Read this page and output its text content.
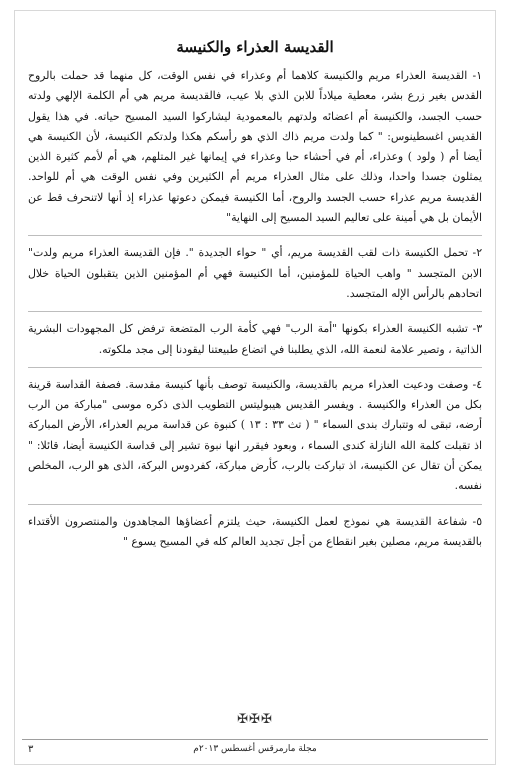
القديسة العذراء والكنيسة

١- القديسة العذراء مريم والكنيسة كلاهما أم وعذراء في نفس الوقت، كل منهما قد حملت بالروح القدس بغير زرع بشر، معطية ميلاداً للابن الذي بلا عيب، فالقديسة مريم هي أم الكلمة الإلهي ولدته حسب الجسد، والكنيسة أم اعضائه ولدتهم بالمعمودية ليشاركوا السيد المسيح حياته. في هذا يقول القديس اغسطينوس: " كما ولدت مريم ذاك الذي هو رأسكم هكذا ولدتكم الكنيسة، لأن الكنيسة هي أيضا أم ( ولود ) وعذراء، أم في أحشاء حبا وعذراء في إيمانها غير المتلهم، هي أم لأمم كثيرة الذين يمثلون جسدا واحدا، وذلك على مثال العذراء مريم أم الكثيرين وفي نفس الوقت هي أم للواحد. القديسة مريم عذراء حسب الجسد والروح، أما الكنيسة فيمكن دعوتها عذراء إذ أنها لاتنحرف قط عن الأيمان بل هي أمينة على تعاليم السيد المسيح إلى النهاية"

٢- تحمل الكنيسة ذات لقب القديسة مريم، أي " حواء الجديدة ". فإن القديسة العذراء مريم ولدت" الابن المتجسد " واهب الحياة للمؤمنين، أما الكنيسة فهي أم المؤمنين الذين يتقبلون الحياة خلال اتحادهم بالرأس الإله المتجسد.

٣- تشبه الكنيسة العذراء بكونها "أمة الرب" فهي كأمة الرب المتضعة ترفض كل المجهودات البشرية الذاتية ، وتصير علامة لنعمة الله، الذي يطلبنا في اتضاع طبيعتنا ليقودنا إلى مجد ملكوته.

٤- وصفت ودعيت العذراء مريم بالقديسة، والكنيسة توصف بأنها كنيسة مقدسة. فصفة القداسة قرينة بكل من العذراء والكنيسة . ويفسر القديس هيبوليتس التطويب الذى ذكره موسى "مباركة من الرب أرضه، تبقى له وتتبارك بندى السماء " ( تث ٣٣ : ١٣ ) كنبوة عن قداسة مريم العذراء، الأرض المباركة اذ تقبلت كلمة الله النازلة كندى السماء ، وبعود فيقرر انها نبوة تشير إلى قداسة الكنيسة أيضا، قائلا: " يمكن أن تقال عن الكنيسة، اذ تباركت بالرب، كأرض مباركة، كفردوس البركة، الذى هو الرب، المخلص نفسه.

٥- شفاعة القديسة هي نموذج لعمل الكنيسة، حيث يلتزم أعضاؤها المجاهدون والمنتصرون الأقتداء بالقديسة مريم، مصلين بغير انقطاع من أجل تجديد العالم كله في المسيح يسوع "

✠✠✠
٣	مجلة مارمرقس أغسطس ٢٠١٣م
